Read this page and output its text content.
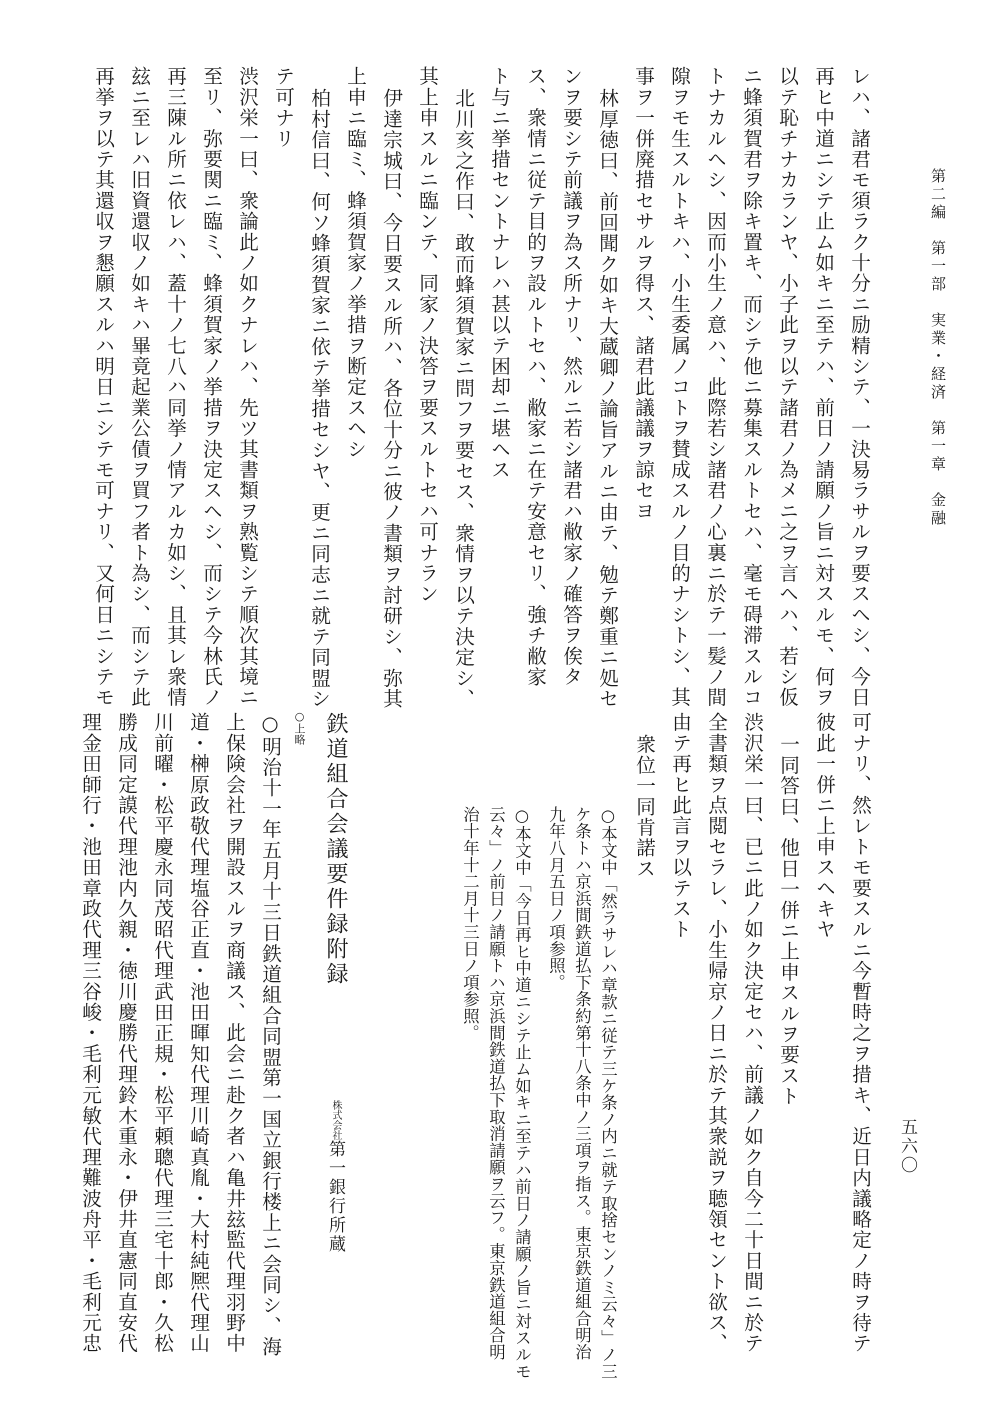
第二編　第一部　実業・経済　第一章　金融
五六〇
レハ、諸君モ須ラク十分ニ励精シテ、一決易ラサルヲ要スヘシ、今日
再ヒ中道ニシテ止ム如キニ至テハ、前日ノ請願ノ旨ニ対スルモ、何ヲ
以テ恥チナカランヤ、小子此ヲ以テ諸君ノ為メニ之ヲ言ヘハ、若シ仮
ニ蜂須賀君ヲ除キ置キ、而シテ他ニ募集スルトセハ、毫モ碍滞スルコ
トナカルヘシ、因而小生ノ意ハ、此際若シ諸君ノ心裏ニ於テ一髪ノ間
隙ヲモ生スルトキハ、小生委属ノコトヲ賛成スルノ目的ナシトシ、其
事ヲ一併廃措セサルヲ得ス、諸君此議議ヲ諒セヨ
林厚徳曰、前回聞ク如キ大蔵卿ノ論旨アルニ由テ、勉テ鄭重ニ処セ
ンヲ要シテ前議ヲ為ス所ナリ、然ルニ若シ諸君ハ敝家ノ確答ヲ俟タ
ス、衆情ニ従テ目的ヲ設ルトセハ、敝家ニ在テ安意セリ、強チ敝家
ト与ニ挙措セントナレハ甚以テ困却ニ堪ヘス
北川亥之作曰、敢而蜂須賀家ニ問フヲ要セス、衆情ヲ以テ決定シ、
其上申スルニ臨ンテ、同家ノ決答ヲ要スルトセハ可ナラン
伊達宗城曰、今日要スル所ハ、各位十分ニ彼ノ書類ヲ討研シ、弥其
上申ニ臨ミ、蜂須賀家ノ挙措ヲ断定スヘシ
柏村信曰、何ソ蜂須賀家ニ依テ挙措セシヤ、更ニ同志ニ就テ同盟シ
テ可ナリ
渋沢栄一曰、衆論此ノ如クナレハ、先ツ其書類ヲ熟覧シテ順次其境ニ
至リ、弥要関ニ臨ミ、蜂須賀家ノ挙措ヲ決定スヘシ、而シテ今林氏ノ
再三陳ル所ニ依レハ、蓋十ノ七八ハ同挙ノ情アルカ如シ、且其レ衆情
玆ニ至レハ旧資還収ノ如キハ畢竟起業公債ヲ買フ者ト為シ、而シテ此
再挙ヲ以テ其還収ヲ懇願スルハ明日ニシテモ可ナリ、又何日ニシテモ
可ナリ、然レトモ要スルニ今暫時之ヲ措キ、近日内議略定ノ時ヲ待テ
彼此一併ニ上申スヘキヤ
一同答曰、他日一併ニ上申スルヲ要スト
渋沢栄一曰、已ニ此ノ如ク決定セハ、前議ノ如ク自今二十日間ニ於テ
全書類ヲ点閲セラレ、小生帰京ノ日ニ於テ其衆説ヲ聴領セント欲ス、
由テ再ヒ此言ヲ以テスト
衆位一同肯諾ス
○本文中「然ラサレハ章款ニ従テ三ケ条ノ内ニ就テ取捨センノミ云々」ノ三
ケ条トハ京浜間鉄道払下条約第十八条中ノ三項ヲ指ス。東京鉄道組合明治
九年八月五日ノ項参照。
○本文中「今日再ヒ中道ニシテ止ム如キニ至テハ前日ノ請願ノ旨ニ対スルモ
云々」ノ前日ノ請願トハ京浜間鉄道払下取消請願ヲ云フ。東京鉄道組合明
治十年十二月十三日ノ項参照。
鉄道組合会議要件録附録
株式会社第一銀行所蔵
○上略
○明治十一年五月十三日鉄道組合同盟第一国立銀行楼上ニ会同シ、海
上保険会社ヲ開設スルヲ商議ス、此会ニ赴ク者ハ亀井玆監代理羽野中
道・榊原政敬代理塩谷正直・池田暉知代理川崎真胤・大村純熈代理山
川前曜・松平慶永同茂昭代理武田正規・松平頼聰代理三宅十郎・久松
勝成同定謨代理池内久親・徳川慶勝代理鈴木重永・伊井直憲同直安代
理金田師行・池田章政代理三谷峻・毛利元敏代理難波舟平・毛利元忠
